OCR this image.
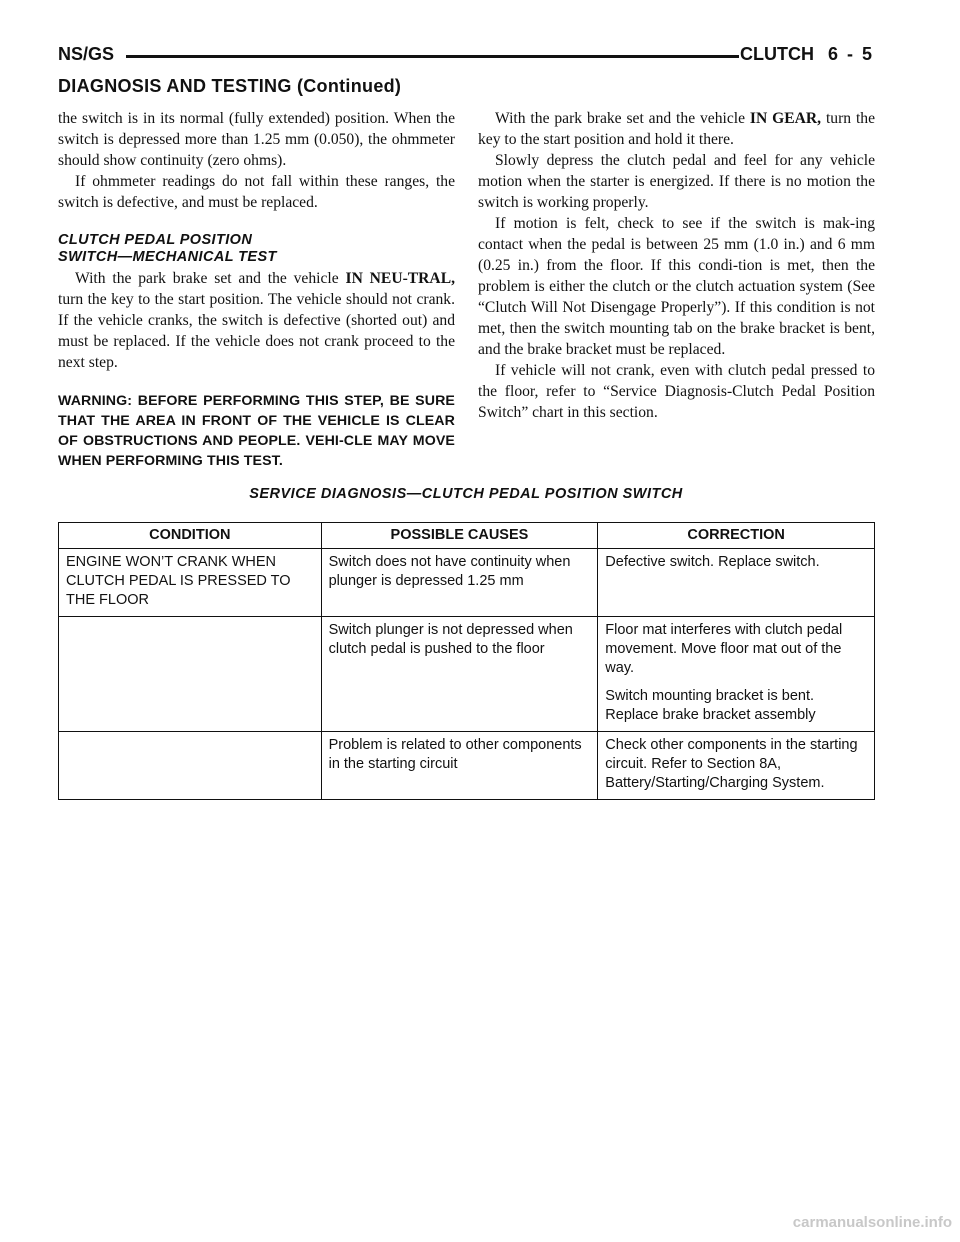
NS/GS	CLUTCH 6 - 5
DIAGNOSIS AND TESTING (Continued)

the switch is in its normal (fully extended) position. When the switch is depressed more than 1.25 mm (0.050), the ohmmeter should show continuity (zero ohms).

If ohmmeter readings do not fall within these ranges, the switch is defective, and must be replaced.

CLUTCH PEDAL POSITION
SWITCH—MECHANICAL TEST

With the park brake set and the vehicle IN NEU-TRAL, turn the key to the start position. The vehicle should not crank. If the vehicle cranks, the switch is defective (shorted out) and must be replaced. If the vehicle does not crank proceed to the next step.

WARNING: BEFORE PERFORMING THIS STEP, BE SURE THAT THE AREA IN FRONT OF THE VEHICLE IS CLEAR OF OBSTRUCTIONS AND PEOPLE. VEHI-CLE MAY MOVE WHEN PERFORMING THIS TEST.

With the park brake set and the vehicle IN GEAR, turn the key to the start position and hold it there.

Slowly depress the clutch pedal and feel for any vehicle motion when the starter is energized. If there is no motion the switch is working properly.

If motion is felt, check to see if the switch is mak-ing contact when the pedal is between 25 mm (1.0 in.) and 6 mm (0.25 in.) from the floor. If this condi-tion is met, then the problem is either the clutch or the clutch actuation system (See “Clutch Will Not Disengage Properly”). If this condition is not met, then the switch mounting tab on the brake bracket is bent, and the brake bracket must be replaced.

If vehicle will not crank, even with clutch pedal pressed to the floor, refer to “Service Diagnosis-Clutch Pedal Position Switch” chart in this section.

SERVICE DIAGNOSIS—CLUTCH PEDAL POSITION SWITCH
CONDITION	POSSIBLE CAUSES	CORRECTION
ENGINE WON’T CRANK WHEN CLUTCH PEDAL IS PRESSED TO THE FLOOR	Switch does not have continuity when plunger is depressed 1.25 mm	Defective switch. Replace switch.

	Switch plunger is not depressed when clutch pedal is pushed to the floor	Floor mat interferes with clutch pedal movement. Move floor mat out of the way.

Switch mounting bracket is bent. Replace brake bracket assembly

	Problem is related to other components in the starting circuit	Check other components in the starting circuit. Refer to Section 8A, Battery/Starting/Charging System.

carmanualsonline.info
